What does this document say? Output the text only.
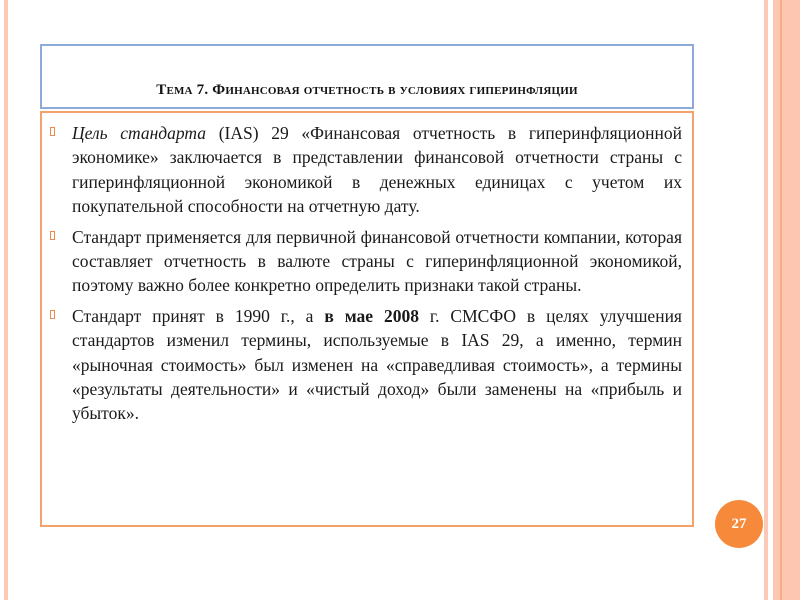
Тема 7. Финансовая отчетность в условиях гиперинфляции
Цель стандарта (IAS) 29 «Финансовая отчетность в гиперинфляционной экономике» заключается в представлении финансовой отчетности страны с гиперинфляционной экономикой в денежных единицах с учетом их покупательной способности на отчетную дату.
Стандарт применяется для первичной финансовой отчетности компании, которая составляет отчетность в валюте страны с гиперинфляционной экономикой, поэтому важно более конкретно определить признаки такой страны.
Стандарт принят в 1990 г., а в мае 2008 г. СМСФО в целях улучшения стандартов изменил термины, используемые в IAS 29, а именно, термин «рыночная стоимость» был изменен на «справедливая стоимость», а термины «результаты деятельности» и «чистый доход» были заменены на «прибыль и убыток».
27
